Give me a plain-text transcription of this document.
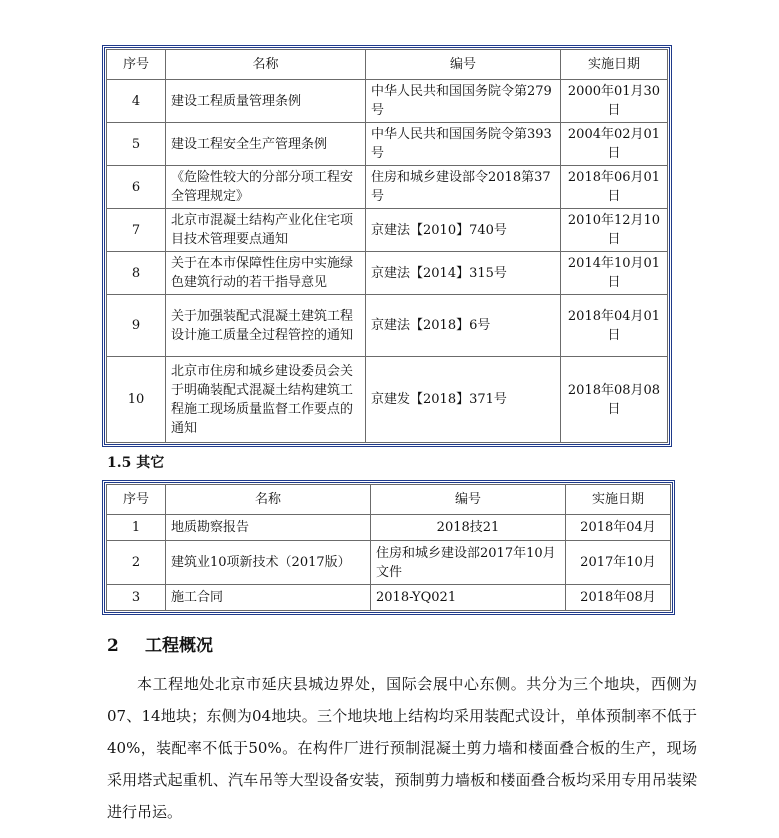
序号	名称	编号	实施日期
4	建设工程质量管理条例	中华人民共和国国务院令第279号	2000年01月30日
5	建设工程安全生产管理条例	中华人民共和国国务院令第393号	2004年02月01日
6	《危险性较大的分部分项工程安全管理规定》	住房和城乡建设部令2018第37号	2018年06月01日
7	北京市混凝土结构产业化住宅项目技术管理要点通知	京建法【2010】740号	2010年12月10日
8	关于在本市保障性住房中实施绿色建筑行动的若干指导意见	京建法【2014】315号	2014年10月01日
9	关于加强装配式混凝土建筑工程设计施工质量全过程管控的通知	京建法【2018】6号	2018年04月01日
10	北京市住房和城乡建设委员会关于明确装配式混凝土结构建筑工程施工现场质量监督工作要点的通知	京建发【2018】371号	2018年08月08日
1.5 其它
序号	名称	编号	实施日期
1	地质勘察报告	2018技21	2018年04月
2	建筑业10项新技术（2017版）	住房和城乡建设部2017年10月文件	2017年10月
3	施工合同	2018-YQ021	2018年08月
2 工程概况
本工程地处北京市延庆县城边界处，国际会展中心东侧。共分为三个地块，西侧为07、14地块；东侧为04地块。三个地块地上结构均采用装配式设计，单体预制率不低于40%，装配率不低于50%。在构件厂进行预制混凝土剪力墙和楼面叠合板的生产，现场采用塔式起重机、汽车吊等大型设备安装，预制剪力墙板和楼面叠合板均采用专用吊装梁进行吊运。
